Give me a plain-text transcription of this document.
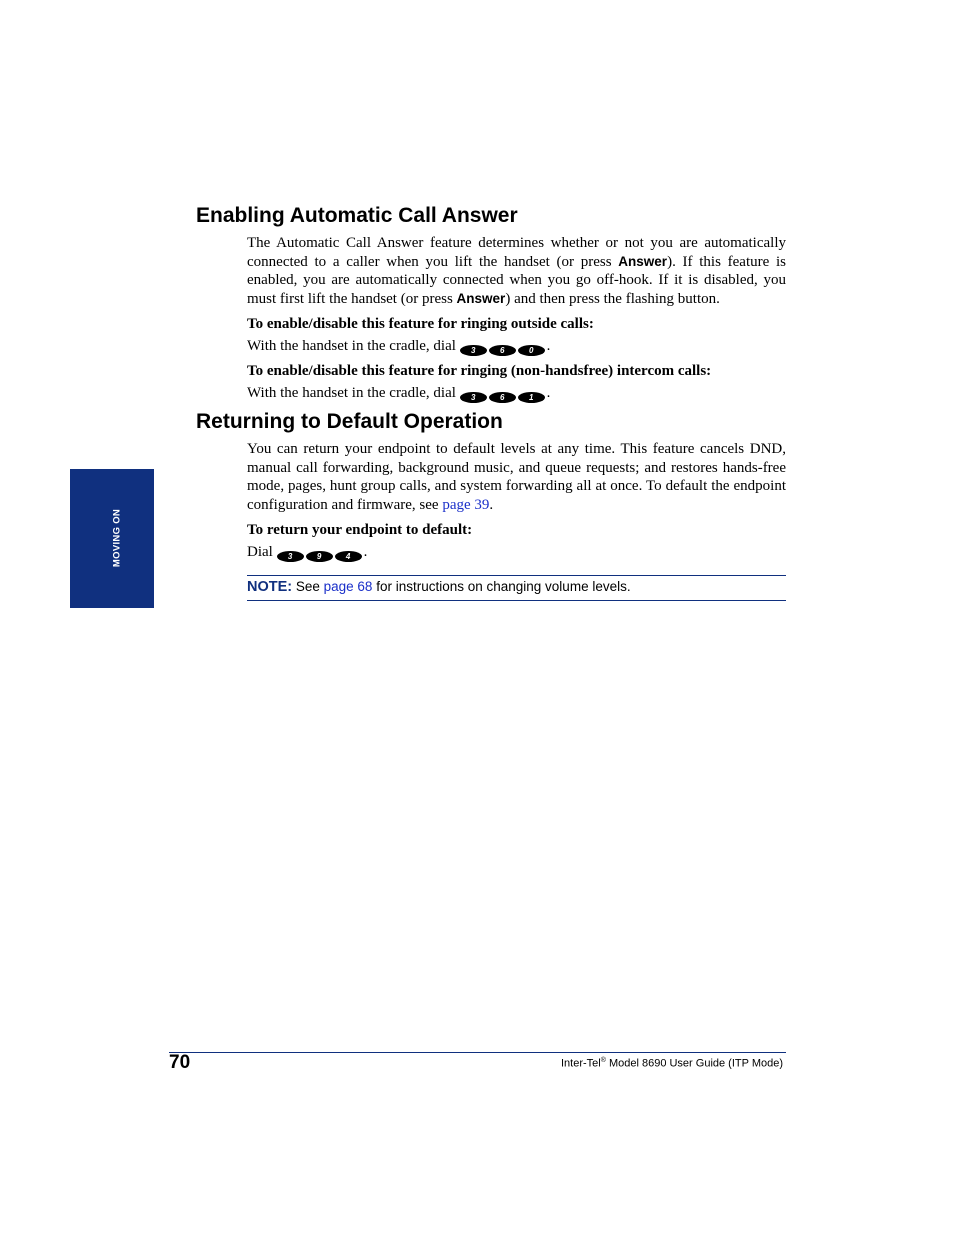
MOVING ON
Enabling Automatic Call Answer

The Automatic Call Answer feature determines whether or not you are automatically connected to a caller when you lift the handset (or press Answer). If this feature is enabled, you are automatically connected when you go off-hook. If it is disabled, you must first lift the handset (or press Answer) and then press the flashing button.

To enable/disable this feature for ringing outside calls:

With the handset in the cradle, dial 3	6	0 .

To enable/disable this feature for ringing (non-handsfree) intercom calls:

With the handset in the cradle, dial 3	6	1 .

Returning to Default Operation

You can return your endpoint to default levels at any time. This feature cancels DND, manual call forwarding, background music, and queue requests; and restores hands-free mode, pages, hunt group calls, and system forwarding all at once. To default the endpoint configuration and firmware, see page 39.

To return your endpoint to default:

Dial 3	9	4 .

NOTE: See page 68 for instructions on changing volume levels.

70	Inter-Tel® Model 8690 User Guide (ITP Mode)
